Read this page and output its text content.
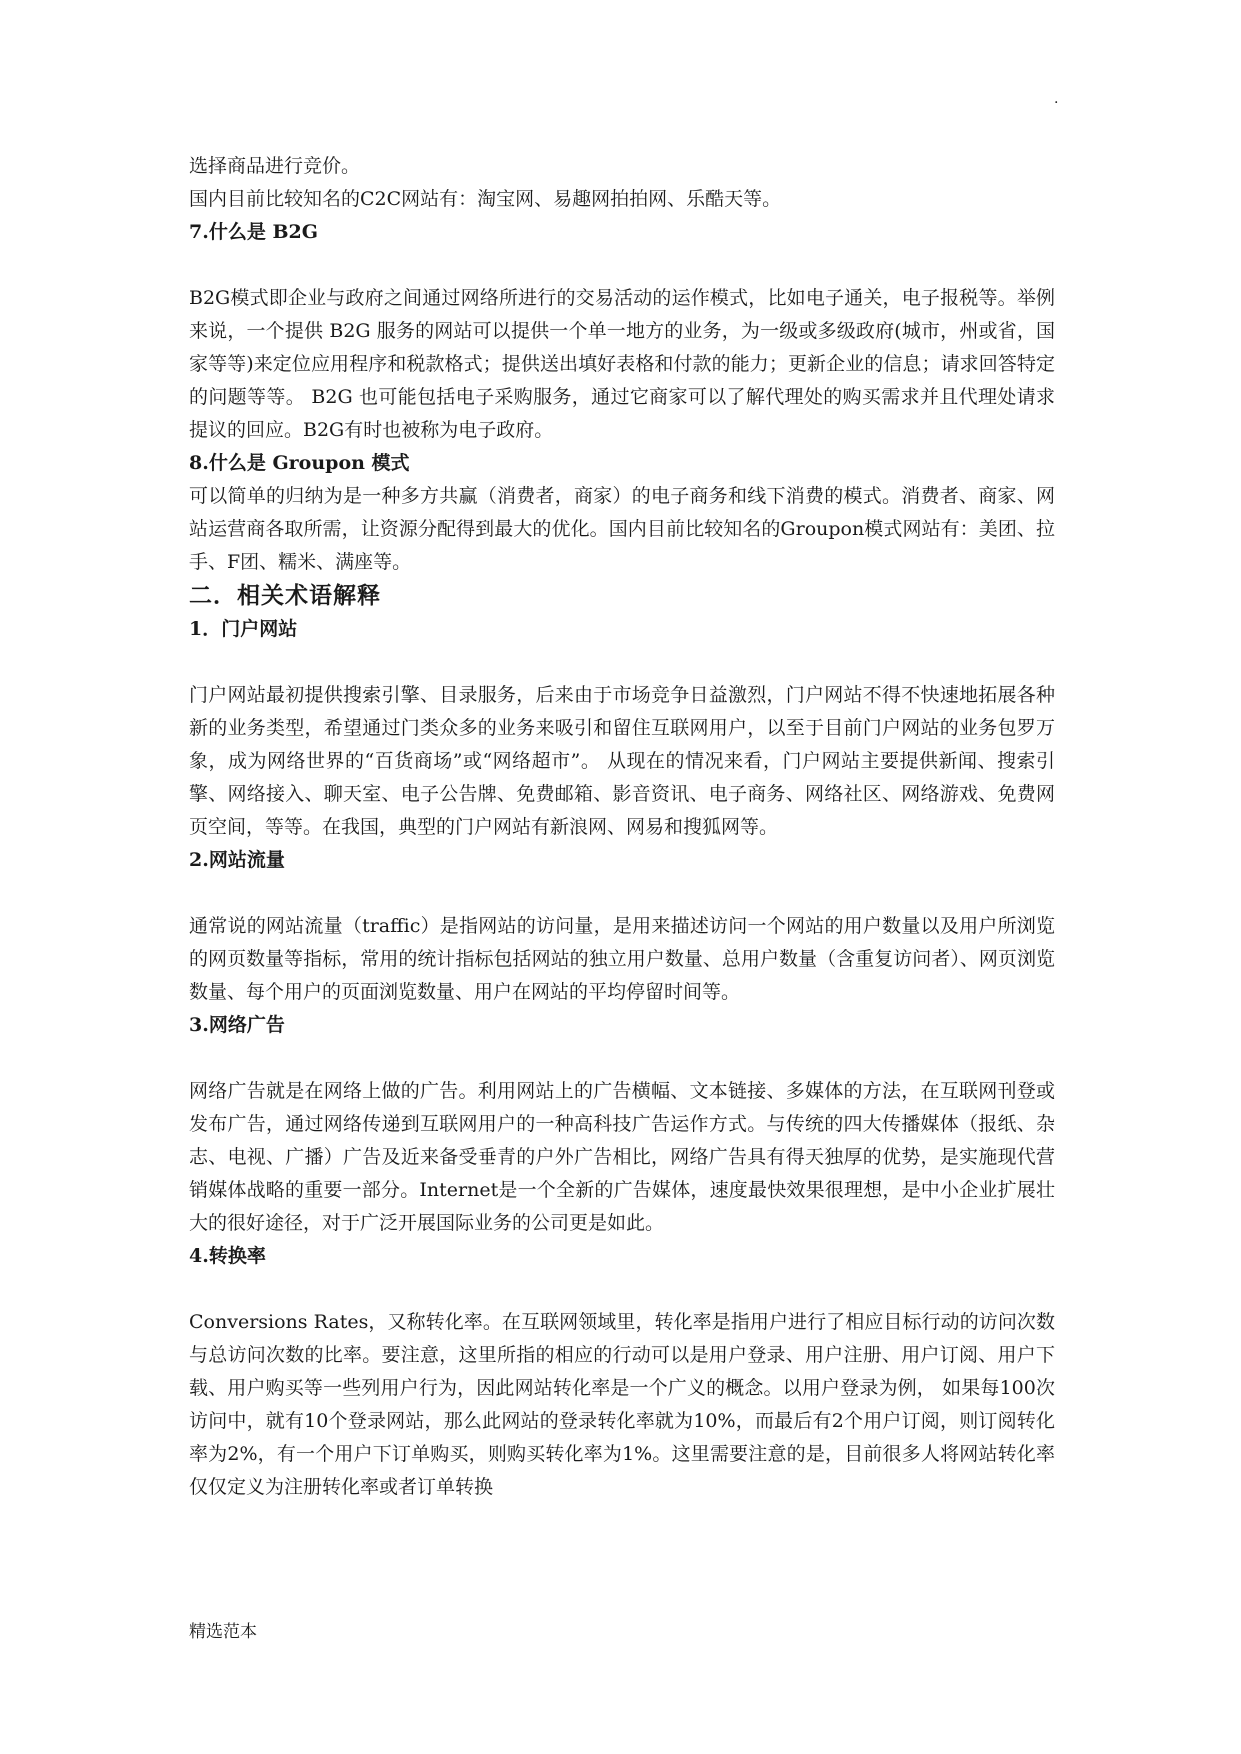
.

选择商品进行竞价。

国内目前比较知名的C2C网站有：淘宝网、易趣网拍拍网、乐酷天等。

7.什么是 B2G

B2G模式即企业与政府之间通过网络所进行的交易活动的运作模式，比如电子通关，电子报税等。举例来说，一个提供 B2G 服务的网站可以提供一个单一地方的业务，为一级或多级政府(城市，州或省，国家等等)来定位应用程序和税款格式；提供送出填好表格和付款的能力；更新企业的信息；请求回答特定的问题等等。 B2G 也可能包括电子采购服务，通过它商家可以了解代理处的购买需求并且代理处请求提议的回应。B2G有时也被称为电子政府。

8.什么是 Groupon 模式

可以简单的归纳为是一种多方共赢（消费者，商家）的电子商务和线下消费的模式。消费者、商家、网站运营商各取所需，让资源分配得到最大的优化。国内目前比较知名的Groupon模式网站有：美团、拉手、F团、糯米、满座等。

二．相关术语解释

1．门户网站

门户网站最初提供搜索引擎、目录服务，后来由于市场竞争日益激烈，门户网站不得不快速地拓展各种新的业务类型，希望通过门类众多的业务来吸引和留住互联网用户，以至于目前门户网站的业务包罗万象，成为网络世界的“百货商场”或“网络超市”。 从现在的情况来看，门户网站主要提供新闻、搜索引擎、网络接入、聊天室、电子公告牌、免费邮箱、影音资讯、电子商务、网络社区、网络游戏、免费网页空间，等等。在我国，典型的门户网站有新浪网、网易和搜狐网等。

2.网站流量

通常说的网站流量（traffic）是指网站的访问量，是用来描述访问一个网站的用户数量以及用户所浏览的网页数量等指标，常用的统计指标包括网站的独立用户数量、总用户数量（含重复访问者）、网页浏览数量、每个用户的页面浏览数量、用户在网站的平均停留时间等。

3.网络广告

网络广告就是在网络上做的广告。利用网站上的广告横幅、文本链接、多媒体的方法，在互联网刊登或发布广告，通过网络传递到互联网用户的一种高科技广告运作方式。与传统的四大传播媒体（报纸、杂志、电视、广播）广告及近来备受垂青的户外广告相比，网络广告具有得天独厚的优势，是实施现代营销媒体战略的重要一部分。Internet是一个全新的广告媒体，速度最快效果很理想，是中小企业扩展壮大的很好途径，对于广泛开展国际业务的公司更是如此。

4.转换率

Conversions Rates，又称转化率。在互联网领域里，转化率是指用户进行了相应目标行动的访问次数与总访问次数的比率。要注意，这里所指的相应的行动可以是用户登录、用户注册、用户订阅、用户下载、用户购买等一些列用户行为，因此网站转化率是一个广义的概念。以用户登录为例， 如果每100次访问中，就有10个登录网站，那么此网站的登录转化率就为10%，而最后有2个用户订阅，则订阅转化率为2%，有一个用户下订单购买，则购买转化率为1%。这里需要注意的是，目前很多人将网站转化率仅仅定义为注册转化率或者订单转换

精选范本
